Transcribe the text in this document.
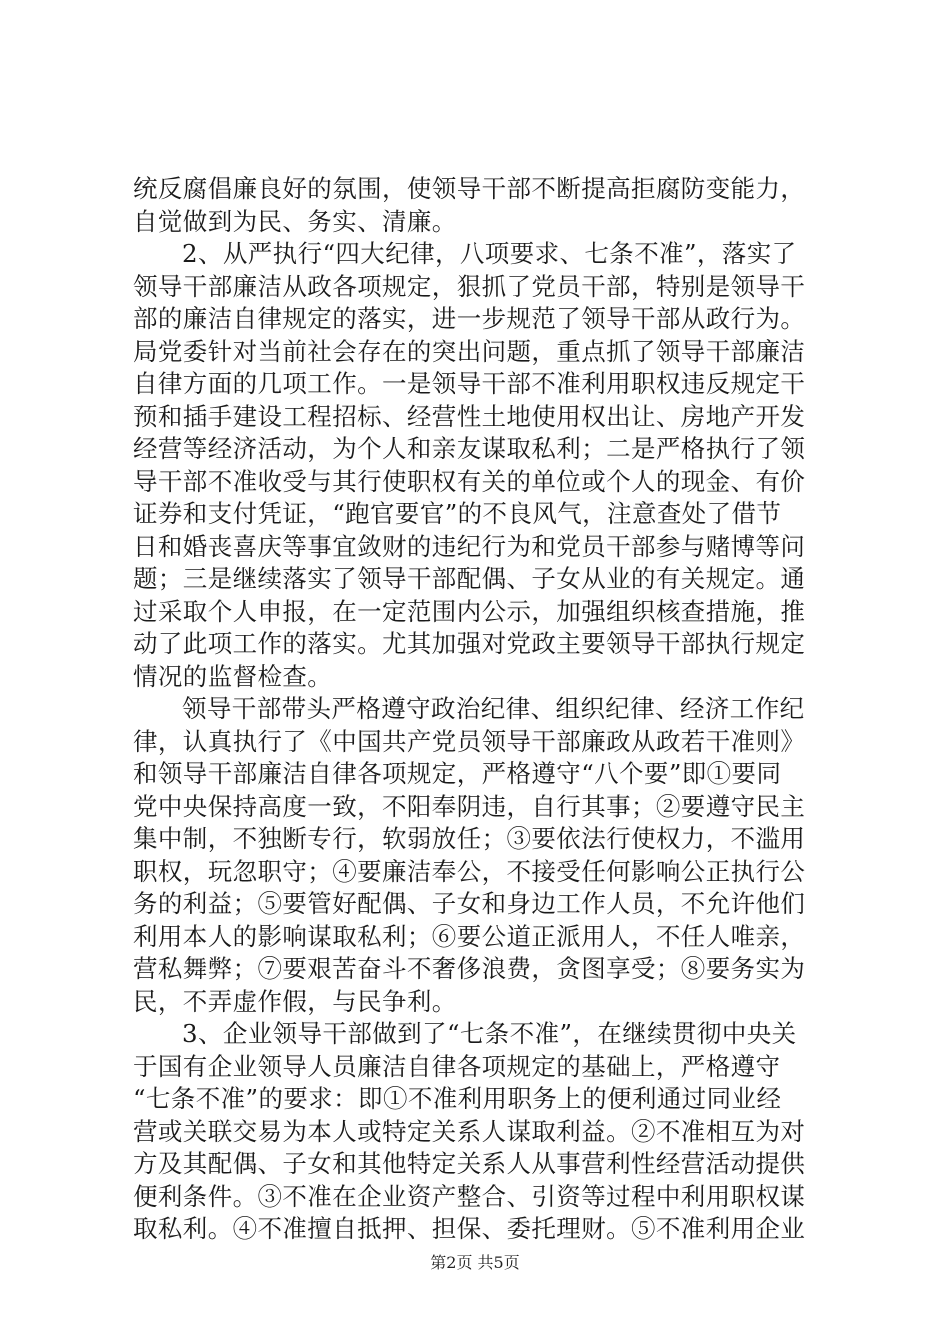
统反腐倡廉良好的氛围，使领导干部不断提高拒腐防变能力，
自觉做到为民、务实、清廉。
2、从严执行“四大纪律，八项要求、七条不准”，落实了
领导干部廉洁从政各项规定，狠抓了党员干部，特别是领导干
部的廉洁自律规定的落实，进一步规范了领导干部从政行为。
局党委针对当前社会存在的突出问题，重点抓了领导干部廉洁
自律方面的几项工作。一是领导干部不准利用职权违反规定干
预和插手建设工程招标、经营性土地使用权出让、房地产开发
经营等经济活动，为个人和亲友谋取私利；二是严格执行了领
导干部不准收受与其行使职权有关的单位或个人的现金、有价
证券和支付凭证，“跑官要官”的不良风气，注意查处了借节
日和婚丧喜庆等事宜敛财的违纪行为和党员干部参与赌博等问
题；三是继续落实了领导干部配偶、子女从业的有关规定。通
过采取个人申报，在一定范围内公示，加强组织核查措施，推
动了此项工作的落实。尤其加强对党政主要领导干部执行规定
情况的监督检查。
领导干部带头严格遵守政治纪律、组织纪律、经济工作纪
律，认真执行了《中国共产党员领导干部廉政从政若干准则》
和领导干部廉洁自律各项规定，严格遵守“八个要”即①要同
党中央保持高度一致，不阳奉阴违，自行其事；②要遵守民主
集中制，不独断专行，软弱放任；③要依法行使权力，不滥用
职权，玩忽职守；④要廉洁奉公，不接受任何影响公正执行公
务的利益；⑤要管好配偶、子女和身边工作人员，不允许他们
利用本人的影响谋取私利；⑥要公道正派用人，不任人唯亲，
营私舞弊；⑦要艰苦奋斗不奢侈浪费，贪图享受；⑧要务实为
民，不弄虚作假，与民争利。
3、企业领导干部做到了“七条不准”，在继续贯彻中央关
于国有企业领导人员廉洁自律各项规定的基础上，严格遵守
“七条不准”的要求：即①不准利用职务上的便利通过同业经
营或关联交易为本人或特定关系人谋取利益。②不准相互为对
方及其配偶、子女和其他特定关系人从事营利性经营活动提供
便利条件。③不准在企业资产整合、引资等过程中利用职权谋
取私利。④不准擅自抵押、担保、委托理财。⑤不准利用企业
第2页 共5页
